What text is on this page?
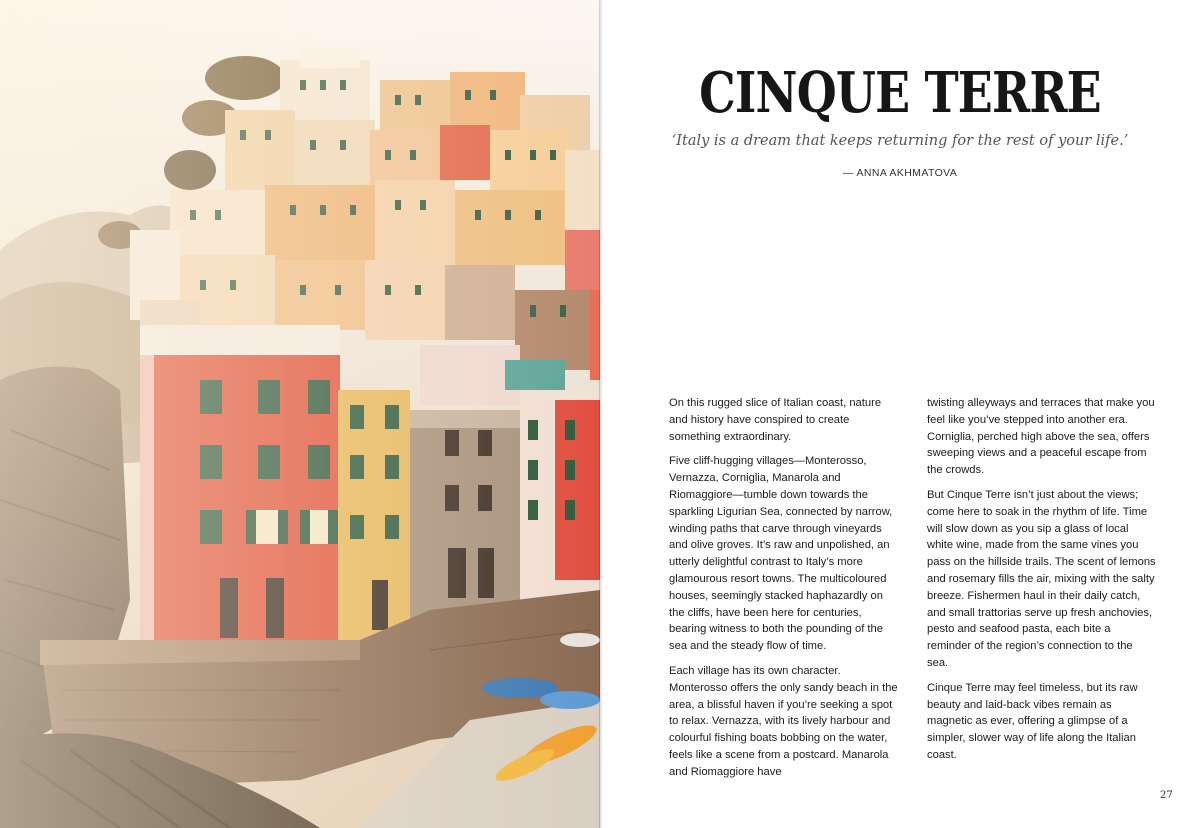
CINQUE TERRE
‘Italy is a dream that keeps returning for the rest of your life.’
— ANNA AKHMATOVA

On this rugged slice of Italian coast, nature and history have conspired to create something extraordinary.

Five cliff-hugging villages—Monterosso, Vernazza, Corniglia, Manarola and Riomaggiore—tumble down towards the sparkling Ligurian Sea, connected by narrow, winding paths that carve through vineyards and olive groves. It’s raw and unpolished, an utterly delightful contrast to Italy’s more glamourous resort towns. The multicoloured houses, seemingly stacked haphazardly on the cliffs, have been here for centuries, bearing witness to both the pounding of the sea and the steady flow of time.

Each village has its own character. Monterosso offers the only sandy beach in the area, a blissful haven if you’re seeking a spot to relax. Vernazza, with its lively harbour and colourful fishing boats bobbing on the water, feels like a scene from a postcard. Manarola and Riomaggiore have

twisting alleyways and terraces that make you feel like you’ve stepped into another era. Corniglia, perched high above the sea, offers sweeping views and a peaceful escape from the crowds.

But Cinque Terre isn’t just about the views; come here to soak in the rhythm of life. Time will slow down as you sip a glass of local white wine, made from the same vines you pass on the hillside trails. The scent of lemons and rosemary fills the air, mixing with the salty breeze. Fishermen haul in their daily catch, and small trattorias serve up fresh anchovies, pesto and seafood pasta, each bite a reminder of the region’s connection to the sea.

Cinque Terre may feel timeless, but its raw beauty and laid-back vibes remain as magnetic as ever, offering a glimpse of a simpler, slower way of life along the Italian coast.

27
